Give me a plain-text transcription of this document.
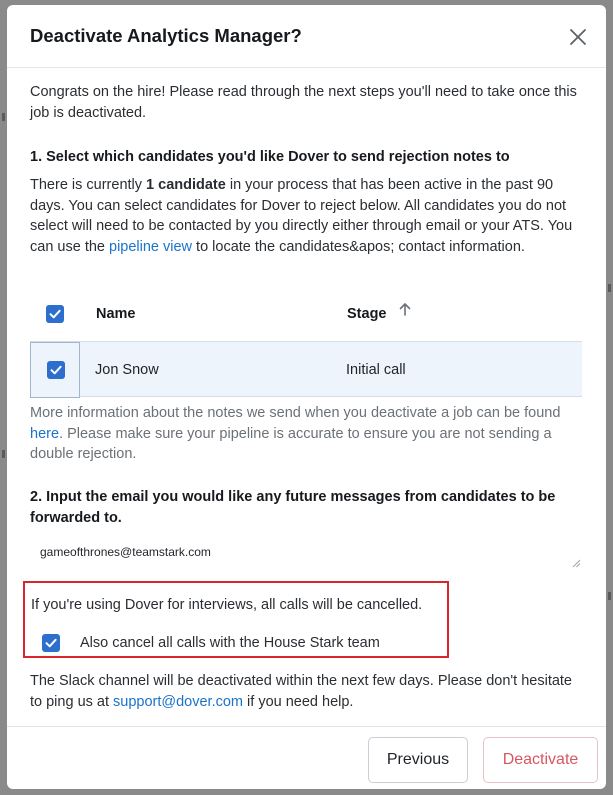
Deactivate Analytics Manager?

Congrats on the hire! Please read through the next steps you'll need to take once this job is deactivated.

1. Select which candidates you'd like Dover to send rejection notes to

There is currently 1 candidate in your process that has been active in the past 90 days. You can select candidates for Dover to reject below. All candidates you do not select will need to be contacted by you directly either through email or your ATS. You can use the pipeline view to locate the candidates&apos; contact information.

Name	Stage
Jon Snow	Initial call

More information about the notes we send when you deactivate a job can be found here. Please make sure your pipeline is accurate to ensure you are not sending a double rejection.

2. Input the email you would like any future messages from candidates to be forwarded to.

gameofthrones@teamstark.com

If you're using Dover for interviews, all calls will be cancelled.

Also cancel all calls with the House Stark team

The Slack channel will be deactivated within the next few days. Please don't hesitate to ping us at support@dover.com if you need help.

Previous	Deactivate
